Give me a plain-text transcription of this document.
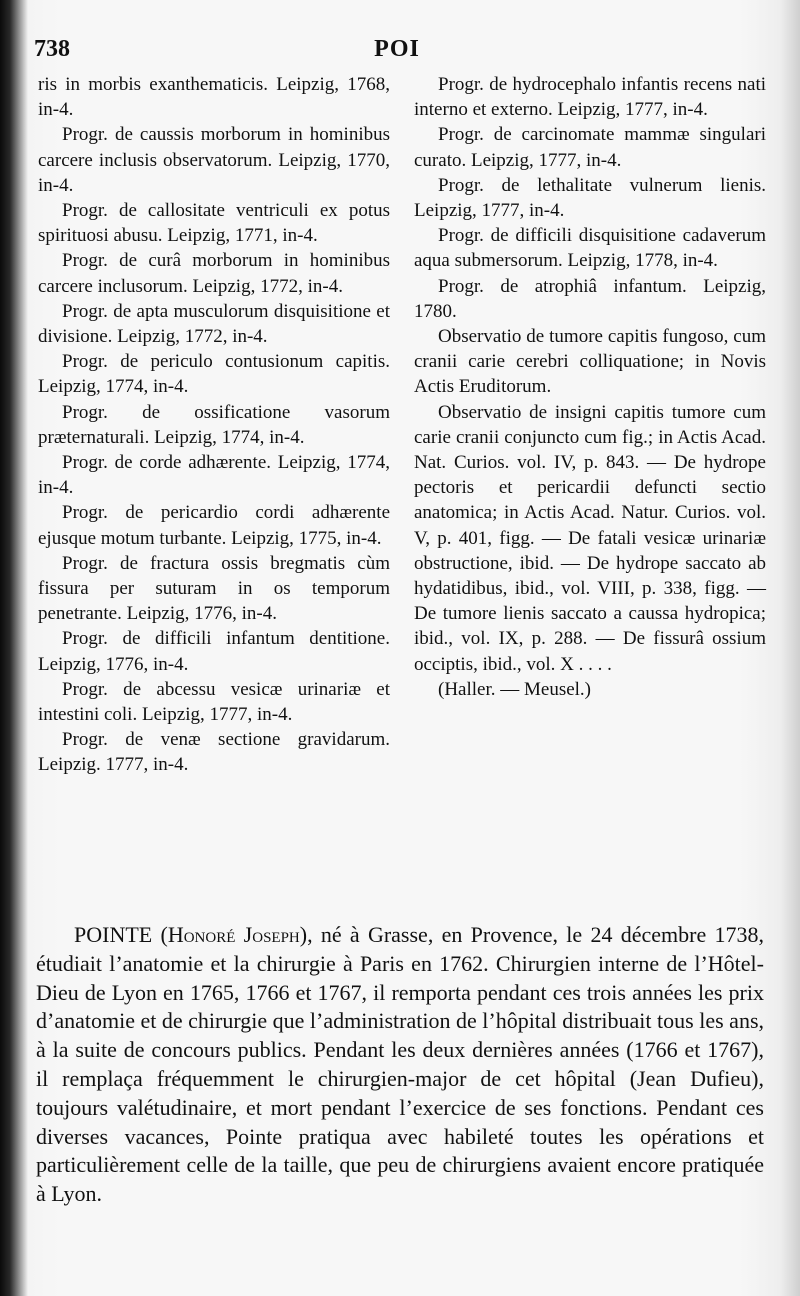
738	POI

ris in morbis exanthematicis. Leipzig, 1768, in-4.

Progr. de caussis morborum in hominibus carcere inclusis observatorum. Leipzig, 1770, in-4.

Progr. de callositate ventriculi ex potus spirituosi abusu. Leipzig, 1771, in-4.

Progr. de curâ morborum in hominibus carcere inclusorum. Leipzig, 1772, in-4.

Progr. de apta musculorum disquisitione et divisione. Leipzig, 1772, in-4.

Progr. de periculo contusionum capitis. Leipzig, 1774, in-4.

Progr. de ossificatione vasorum præternaturali. Leipzig, 1774, in-4.

Progr. de corde adhærente. Leipzig, 1774, in-4.

Progr. de pericardio cordi adhærente ejusque motum turbante. Leipzig, 1775, in-4.

Progr. de fractura ossis bregmatis cùm fissura per suturam in os temporum penetrante. Leipzig, 1776, in-4.

Progr. de difficili infantum dentitione. Leipzig, 1776, in-4.

Progr. de abcessu vesicæ urinariæ et intestini coli. Leipzig, 1777, in-4.

Progr. de venæ sectione gravidarum. Leipzig. 1777, in-4.

Progr. de hydrocephalo infantis recens nati interno et externo. Leipzig, 1777, in-4.

Progr. de carcinomate mammæ singulari curato. Leipzig, 1777, in-4.

Progr. de lethalitate vulnerum lienis. Leipzig, 1777, in-4.

Progr. de difficili disquisitione cadaverum aqua submersorum. Leipzig, 1778, in-4.

Progr. de atrophiâ infantum. Leipzig, 1780.

Observatio de tumore capitis fungoso, cum cranii carie cerebri colliquatione; in Novis Actis Eruditorum.

Observatio de insigni capitis tumore cum carie cranii conjuncto cum fig.; in Actis Acad. Nat. Curios. vol. IV, p. 843. — De hydrope pectoris et pericardii defuncti sectio anatomica; in Actis Acad. Natur. Curios. vol. V, p. 401, figg. — De fatali vesicæ urinariæ obstructione, ibid. — De hydrope saccato ab hydatidibus, ibid., vol. VIII, p. 338, figg. — De tumore lienis saccato a caussa hydropica; ibid., vol. IX, p. 288. — De fissurâ ossium occiptis, ibid., vol. X . . . .

(Haller. — Meusel.)

POINTE (Honoré Joseph), né à Grasse, en Provence, le 24 décembre 1738, étudiait l’anatomie et la chirurgie à Paris en 1762. Chirurgien interne de l’Hôtel-Dieu de Lyon en 1765, 1766 et 1767, il remporta pendant ces trois années les prix d’anatomie et de chirurgie que l’administration de l’hôpital distribuait tous les ans, à la suite de concours publics. Pendant les deux dernières années (1766 et 1767), il remplaça fréquemment le chirurgien-major de cet hôpital (Jean Dufieu), toujours valétudinaire, et mort pendant l’exercice de ses fonctions. Pendant ces diverses vacances, Pointe pratiqua avec habileté toutes les opérations et particulièrement celle de la taille, que peu de chirurgiens avaient encore pratiquée à Lyon.
